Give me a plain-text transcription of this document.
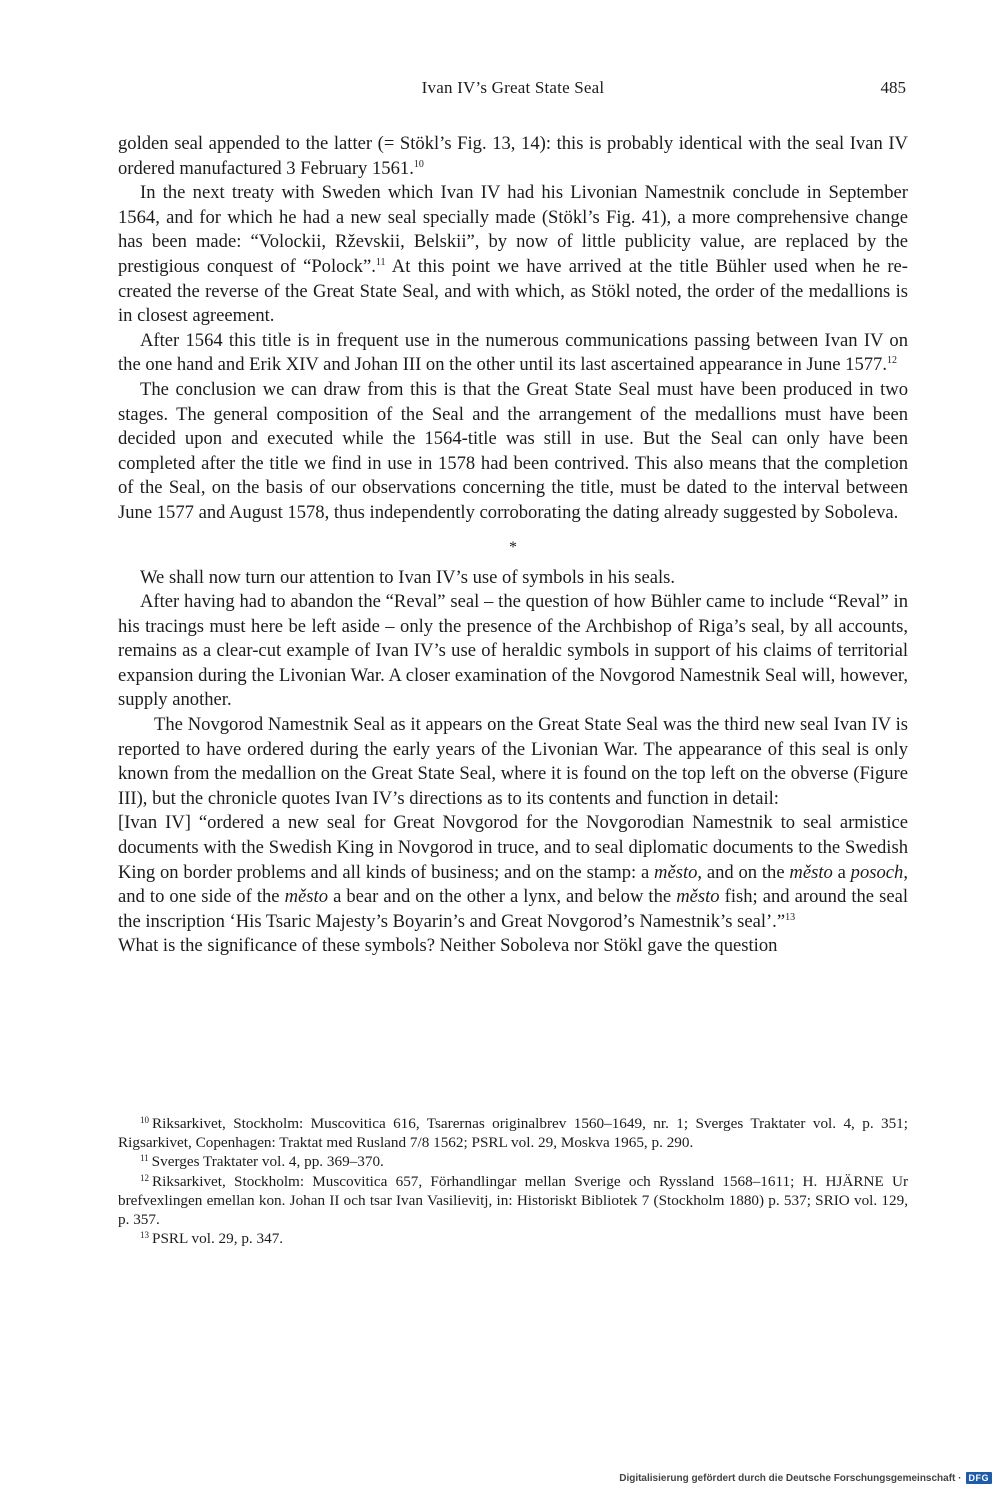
Ivan IV’s Great State Seal	485

golden seal appended to the latter (= Stökl’s Fig. 13, 14): this is probably identical with the seal Ivan IV ordered manufactured 3 February 1561.10

In the next treaty with Sweden which Ivan IV had his Livonian Namestnik conclude in September 1564, and for which he had a new seal specially made (Stökl’s Fig. 41), a more comprehensive change has been made: “Volockii, Rževskii, Belskii”, by now of little publicity value, are replaced by the prestigious conquest of “Polock”.$^{11}$ At this point we have arrived at the title Bühler used when he re-created the reverse of the Great State Seal, and with which, as Stökl noted, the order of the medallions is in closest agreement.

After 1564 this title is in frequent use in the numerous communications passing between Ivan IV on the one hand and Erik XIV and Johan III on the other until its last ascertained appearance in June 1577.12

The conclusion we can draw from this is that the Great State Seal must have been produced in two stages. The general composition of the Seal and the arrangement of the medallions must have been decided upon and executed while the 1564-title was still in use. But the Seal can only have been completed after the title we find in use in 1578 had been contrived. This also means that the completion of the Seal, on the basis of our observations concerning the title, must be dated to the interval between June 1577 and August 1578, thus independently corroborating the dating already suggested by Soboleva.

*

We shall now turn our attention to Ivan IV’s use of symbols in his seals.

After having had to abandon the “Reval” seal – the question of how Bühler came to include “Reval” in his tracings must here be left aside – only the presence of the Archbishop of Riga’s seal, by all accounts, remains as a clear-cut example of Ivan IV’s use of heraldic symbols in support of his claims of territorial expansion during the Livonian War. A closer examination of the Novgorod Namestnik Seal will, however, supply another.

The Novgorod Namestnik Seal as it appears on the Great State Seal was the third new seal Ivan IV is reported to have ordered during the early years of the Livonian War. The appearance of this seal is only known from the medallion on the Great State Seal, where it is found on the top left on the obverse (Figure III), but the chronicle quotes Ivan IV’s directions as to its contents and function in detail:

[Ivan IV] “ordered a new seal for Great Novgorod for the Novgorodian Namestnik to seal armistice documents with the Swedish King in Novgorod in truce, and to seal diplomatic documents to the Swedish King on border problems and all kinds of business; and on the stamp: a město, and on the město a posoch, and to one side of the město a bear and on the other a lynx, and below the město fish; and around the seal the inscription ‘His Tsaric Majesty’s Boyarin’s and Great Novgorod’s Namestnik’s seal’.”$^{13}$

What is the significance of these symbols? Neither Soboleva nor Stökl gave the question

$^{10}$ Riksarkivet, Stockholm: Muscovitica 616, Tsarernas originalbrev 1560–1649, nr. 1; Sverges Traktater vol. 4, p. 351; Rigsarkivet, Copenhagen: Traktat med Rusland 7/8 1562; PSRL vol. 29, Moskva 1965, p. 290.

$^{11}$ Sverges Traktater vol. 4, pp. 369–370.

$^{12}$ Riksarkivet, Stockholm: Muscovitica 657, Förhandlingar mellan Sverige och Ryssland 1568–1611; H. HJÄRNE Ur brefvexlingen emellan kon. Johan II och tsar Ivan Vasilievitj, in: Historiskt Bibliotek 7 (Stockholm 1880) p. 537; SRIO vol. 129, p. 357.

$^{13}$ PSRL vol. 29, p. 347.

Digitalisierung gefördert durch die Deutsche Forschungsgemeinschaft · DFG
